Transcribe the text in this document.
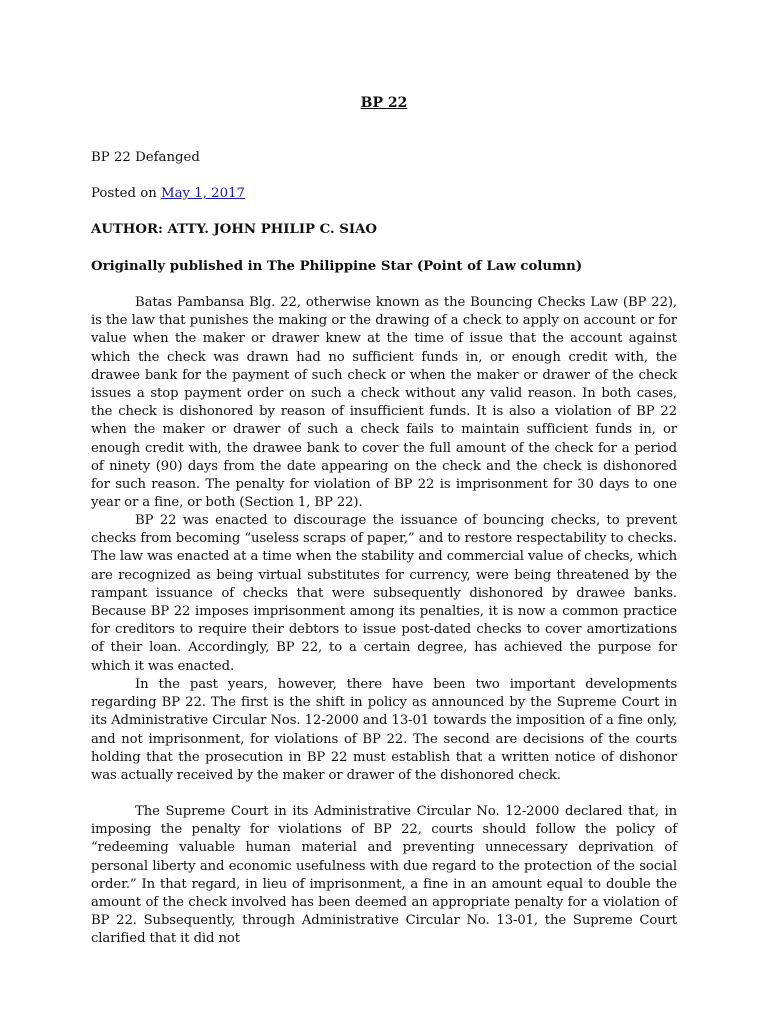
BP 22
BP 22 Defanged
Posted on May 1, 2017
AUTHOR: ATTY. JOHN PHILIP C. SIAO
Originally published in The Philippine Star (Point of Law column)

Batas Pambansa Blg. 22, otherwise known as the Bouncing Checks Law (BP 22), is the law that punishes the making or the drawing of a check to apply on account or for value when the maker or drawer knew at the time of issue that the account against which the check was drawn had no sufficient funds in, or enough credit with, the drawee bank for the payment of such check or when the maker or drawer of the check issues a stop payment order on such a check without any valid reason. In both cases, the check is dishonored by reason of insufficient funds. It is also a violation of BP 22 when the maker or drawer of such a check fails to maintain sufficient funds in, or enough credit with, the drawee bank to cover the full amount of the check for a period of ninety (90) days from the date appearing on the check and the check is dishonored for such reason. The penalty for violation of BP 22 is imprisonment for 30 days to one year or a fine, or both (Section 1, BP 22).

BP 22 was enacted to discourage the issuance of bouncing checks, to prevent checks from becoming “useless scraps of paper,” and to restore respectability to checks. The law was enacted at a time when the stability and commercial value of checks, which are recognized as being virtual substitutes for currency, were being threatened by the rampant issuance of checks that were subsequently dishonored by drawee banks. Because BP 22 imposes imprisonment among its penalties, it is now a common practice for creditors to require their debtors to issue post-dated checks to cover amortizations of their loan. Accordingly, BP 22, to a certain degree, has achieved the purpose for which it was enacted.

In the past years, however, there have been two important developments regarding BP 22. The first is the shift in policy as announced by the Supreme Court in its Administrative Circular Nos. 12-2000 and 13-01 towards the imposition of a fine only, and not imprisonment, for violations of BP 22. The second are decisions of the courts holding that the prosecution in BP 22 must establish that a written notice of dishonor was actually received by the maker or drawer of the dishonored check.

The Supreme Court in its Administrative Circular No. 12-2000 declared that, in imposing the penalty for violations of BP 22, courts should follow the policy of “redeeming valuable human material and preventing unnecessary deprivation of personal liberty and economic usefulness with due regard to the protection of the social order.” In that regard, in lieu of imprisonment, a fine in an amount equal to double the amount of the check involved has been deemed an appropriate penalty for a violation of BP 22. Subsequently, through Administrative Circular No. 13-01, the Supreme Court clarified that it did not
